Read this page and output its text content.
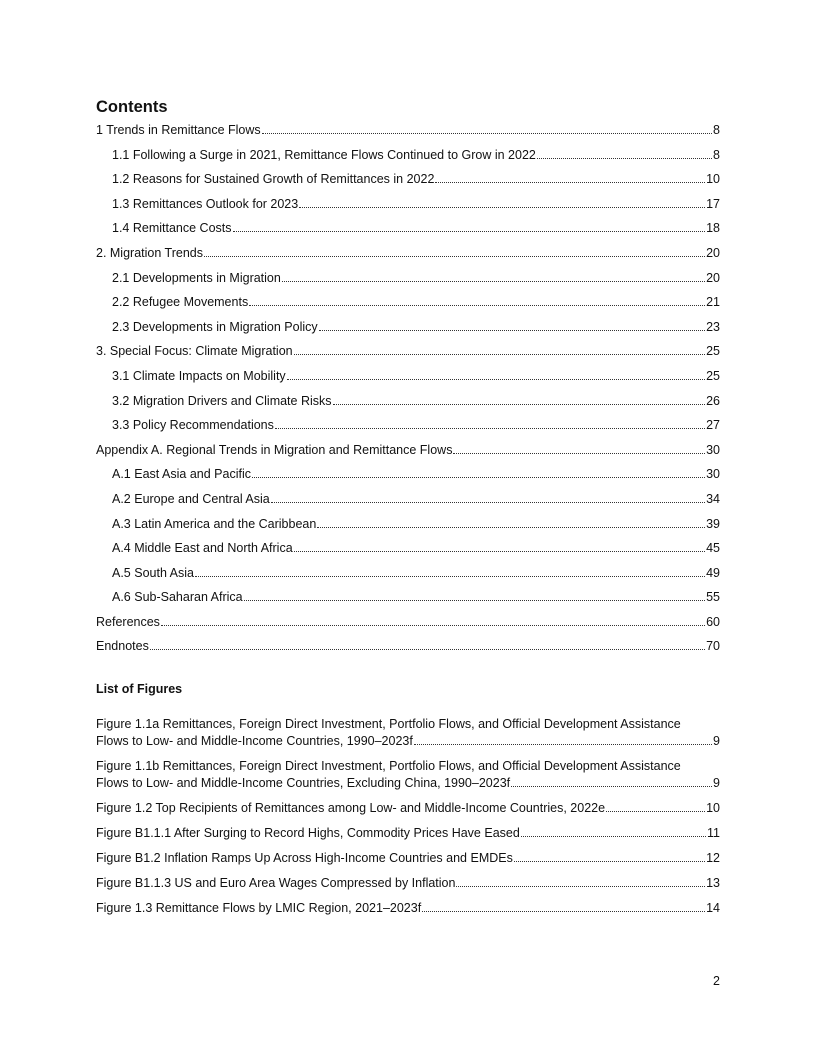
Contents
1 Trends in Remittance Flows	8
1.1 Following a Surge in 2021, Remittance Flows Continued to Grow in 2022	8
1.2 Reasons for Sustained Growth of Remittances in 2022	10
1.3 Remittances Outlook for 2023	17
1.4 Remittance Costs	18
2. Migration Trends	20
2.1 Developments in Migration	20
2.2 Refugee Movements	21
2.3 Developments in Migration Policy	23
3. Special Focus: Climate Migration	25
3.1 Climate Impacts on Mobility	25
3.2 Migration Drivers and Climate Risks	26
3.3 Policy Recommendations	27
Appendix A. Regional Trends in Migration and Remittance Flows	30
A.1 East Asia and Pacific	30
A.2 Europe and Central Asia	34
A.3 Latin America and the Caribbean	39
A.4 Middle East and North Africa	45
A.5 South Asia	49
A.6 Sub-Saharan Africa	55
References	60
Endnotes	70
List of Figures
Figure 1.1a Remittances, Foreign Direct Investment, Portfolio Flows, and Official Development Assistance
Flows to Low- and Middle-Income Countries, 1990–2023f	9
Figure 1.1b Remittances, Foreign Direct Investment, Portfolio Flows, and Official Development Assistance
Flows to Low- and Middle-Income Countries, Excluding China, 1990–2023f	9
Figure 1.2 Top Recipients of Remittances among Low- and Middle-Income Countries, 2022e	10
Figure B1.1.1 After Surging to Record Highs, Commodity Prices Have Eased	11
Figure B1.2 Inflation Ramps Up Across High-Income Countries and EMDEs	12
Figure B1.1.3 US and Euro Area Wages Compressed by Inflation	13
Figure 1.3 Remittance Flows by LMIC Region, 2021–2023f	14
2
